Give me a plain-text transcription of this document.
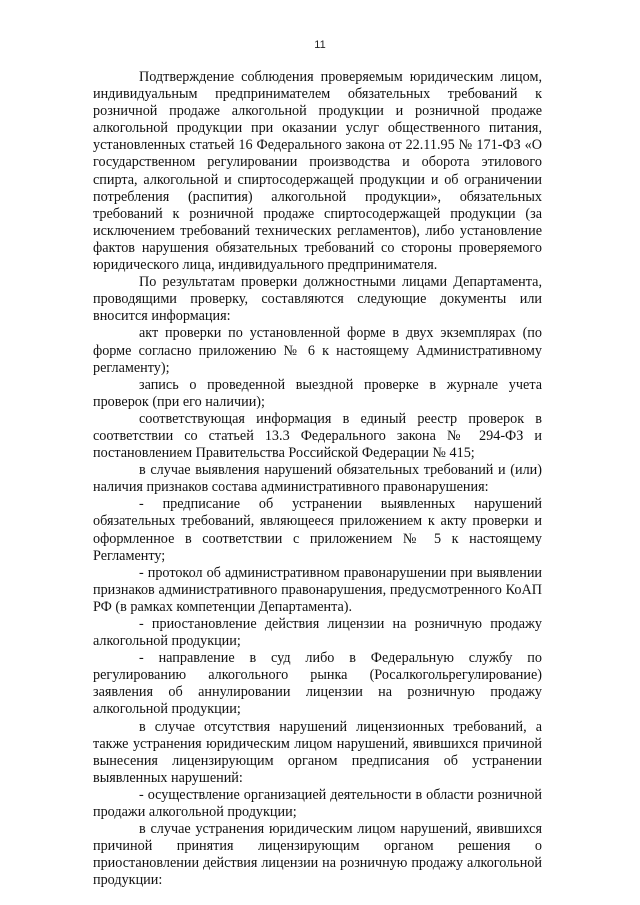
11

Подтверждение соблюдения проверяемым юридическим лицом, индивидуальным предпринимателем обязательных требований к розничной продаже алкогольной продукции и розничной продаже алкогольной продукции при оказании услуг общественного питания, установленных статьей 16 Федерального закона от 22.11.95 № 171-ФЗ «О государственном регулировании производства и оборота этилового спирта, алкогольной и спиртосодержащей продукции и об ограничении потребления (распития) алкогольной продукции», обязательных требований к розничной продаже спиртосодержащей продукции (за исключением требований технических регламентов), либо установление фактов нарушения обязательных требований со стороны проверяемого юридического лица, индивидуального предпринимателя.

По результатам проверки должностными лицами Департамента, проводящими проверку, составляются следующие документы или вносится информация:

акт проверки по установленной форме в двух экземплярах (по форме согласно приложению № 6 к настоящему Административному регламенту);

запись о проведенной выездной проверке в журнале учета проверок (при его наличии);

соответствующая информация в единый реестр проверок в соответствии со статьей 13.3 Федерального закона № 294-ФЗ и постановлением Правительства Российской Федерации № 415;

в случае выявления нарушений обязательных требований и (или) наличия признаков состава административного правонарушения:

- предписание об устранении выявленных нарушений обязательных требований, являющееся приложением к акту проверки и оформленное в соответствии с приложением № 5 к настоящему Регламенту;

- протокол об административном правонарушении при выявлении признаков административного правонарушения, предусмотренного КоАП РФ (в рамках компетенции Департамента).

- приостановление действия лицензии на розничную продажу алкогольной продукции;

- направление в суд либо в Федеральную службу по регулированию алкогольного рынка (Росалкогольрегулирование) заявления об аннулировании лицензии на розничную продажу алкогольной продукции;

в случае отсутствия нарушений лицензионных требований, а также устранения юридическим лицом нарушений, явившихся причиной вынесения лицензирующим органом предписания об устранении выявленных нарушений:

- осуществление организацией деятельности в области розничной продажи алкогольной продукции;

в случае устранения юридическим лицом нарушений, явившихся причиной принятия лицензирующим органом решения о приостановлении действия лицензии на розничную продажу алкогольной продукции:
